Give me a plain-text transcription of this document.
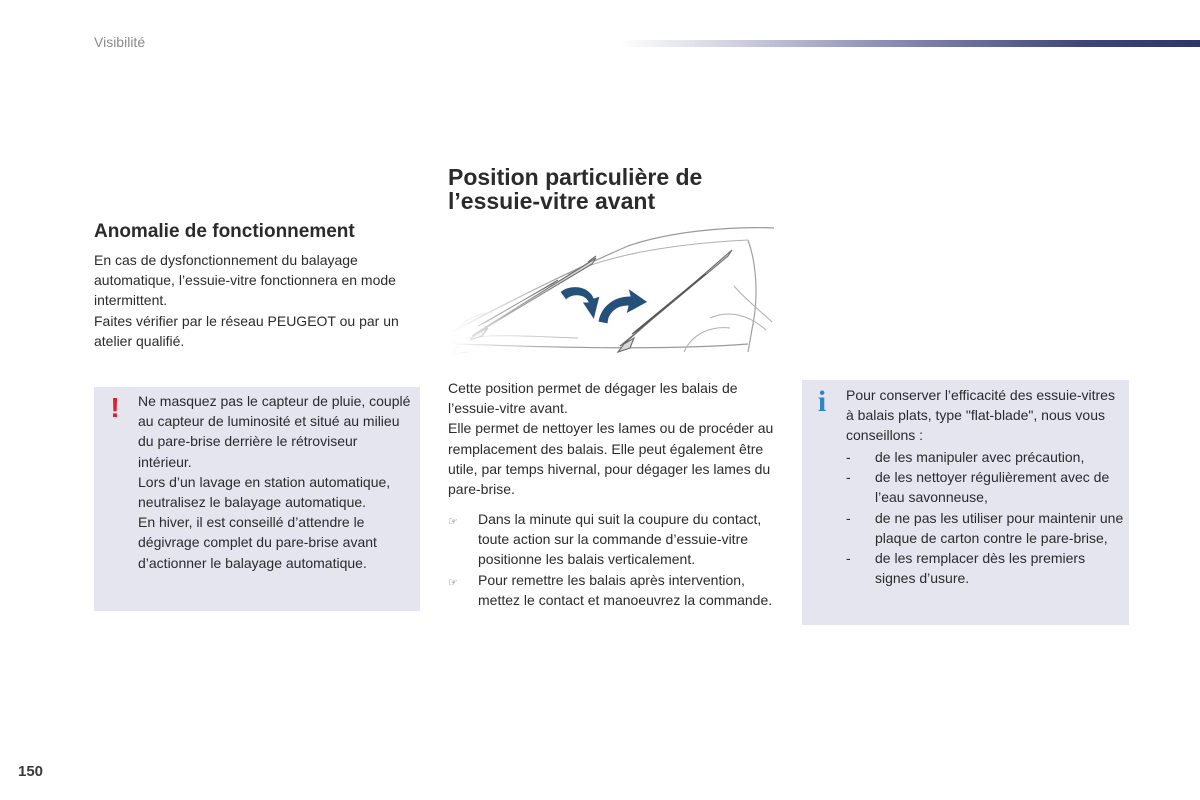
Visibilité
Anomalie de fonctionnement

En cas de dysfonctionnement du balayage automatique, l’essuie-vitre fonctionnera en mode intermittent.

Faites vérifier par le réseau PEUGEOT ou par un atelier qualifié.

! Ne masquez pas le capteur de pluie, couplé au capteur de luminosité et situé au milieu du pare-brise derrière le rétroviseur intérieur.

Lors d’un lavage en station automatique, neutralisez le balayage automatique.

En hiver, il est conseillé d’attendre le dégivrage complet du pare-brise avant d’actionner le balayage automatique.

Position particulière de
l’essuie-vitre avant

Cette position permet de dégager les balais de l’essuie-vitre avant.

Elle permet de nettoyer les lames ou de procéder au remplacement des balais. Elle peut également être utile, par temps hivernal, pour dégager les lames du pare-brise.

☞ Dans la minute qui suit la coupure du contact, toute action sur la commande d’essuie-vitre positionne les balais verticalement.
☞ Pour remettre les balais après intervention, mettez le contact et manoeuvrez la commande.
i Pour conserver l’efficacité des essuie-vitres à balais plats, type "flat-blade", nous vous conseillons :
- de les manipuler avec précaution,
- de les nettoyer régulièrement avec de l’eau savonneuse,
- de ne pas les utiliser pour maintenir une plaque de carton contre le pare-brise,
- de les remplacer dès les premiers signes d’usure.
150
